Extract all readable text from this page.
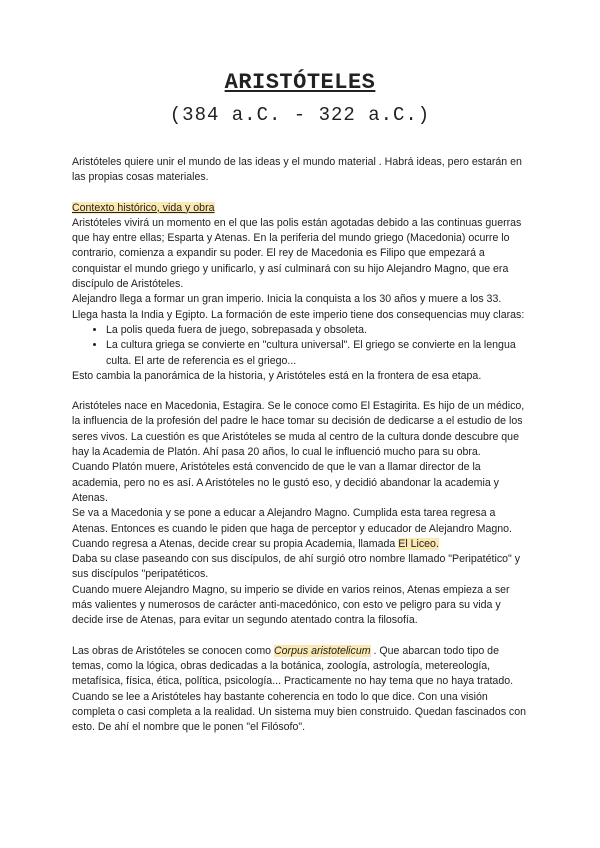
ARISTÓTELES
(384 a.C. - 322 a.C.)

Aristóteles quiere unir el mundo de las ideas y el mundo material . Habrá ideas, pero estarán en las propias cosas materiales.

Contexto histórico, vida y obra

Aristóteles vivirá un momento en el que las polis están agotadas debido a las continuas guerras que hay entre ellas; Esparta y Atenas. En la periferia del mundo griego (Macedonia) ocurre lo contrario, comienza a expandir su poder. El rey de Macedonia es Filipo que empezará a conquistar el mundo griego y unificarlo, y así culminará con su hijo Alejandro Magno, que era discípulo de Aristóteles.

Alejandro llega a formar un gran imperio. Inicia la conquista a los 30 años y muere a los 33. Llega hasta la India y Egipto. La formación de este imperio tiene dos consequencias muy claras:

• La polis queda fuera de juego, sobrepasada y obsoleta.
• La cultura griega se convierte en "cultura universal". El griego se convierte en la lengua culta. El arte de referencia es el griego...

Esto cambia la panorámica de la historia, y Aristóteles está en la frontera de esa etapa.

Aristóteles nace en Macedonia, Estagira. Se le conoce como El Estagirita. Es hijo de un médico, la influencia de la profesión del padre le hace tomar su decisión de dedicarse a el estudio de los seres vivos. La cuestión es que Aristóteles se muda al centro de la cultura donde descubre que hay la Academia de Platón. Ahí pasa 20 años, lo cual le influenció mucho para su obra.

Cuando Platón muere, Aristóteles está convencido de que le van a llamar director de la academia, pero no es así. A Aristóteles no le gustó eso, y decidió abandonar la academia y Atenas.

Se va a Macedonia y se pone a educar a Alejandro Magno. Cumplida esta tarea regresa a Atenas. Entonces es cuando le piden que haga de perceptor y educador de Alejandro Magno.

Cuando regresa a Atenas, decide crear su propia Academia, llamada El Liceo.

Daba su clase paseando con sus discípulos, de ahí surgió otro nombre llamado "Peripatético" y sus discípulos "peripatéticos.

Cuando muere Alejandro Magno, su imperio se divide en varios reinos, Atenas empieza a ser más valientes y numerosos de carácter anti-macedónico, con esto ve peligro para su vida y decide irse de Atenas, para evitar un segundo atentado contra la filosofía.

Las obras de Aristóteles se conocen como Corpus aristotelicum . Que abarcan todo tipo de temas, como la lógica, obras dedicadas a la botánica, zoología, astrología, metereología, metafísica, física, ética, política, psicología... Practicamente no hay tema que no haya tratado. Cuando se lee a Aristóteles hay bastante coherencia en todo lo que dice. Con una visión completa o casi completa a la realidad. Un sistema muy bien construido. Quedan fascinados con esto. De ahí el nombre que le ponen "el Filósofo".
